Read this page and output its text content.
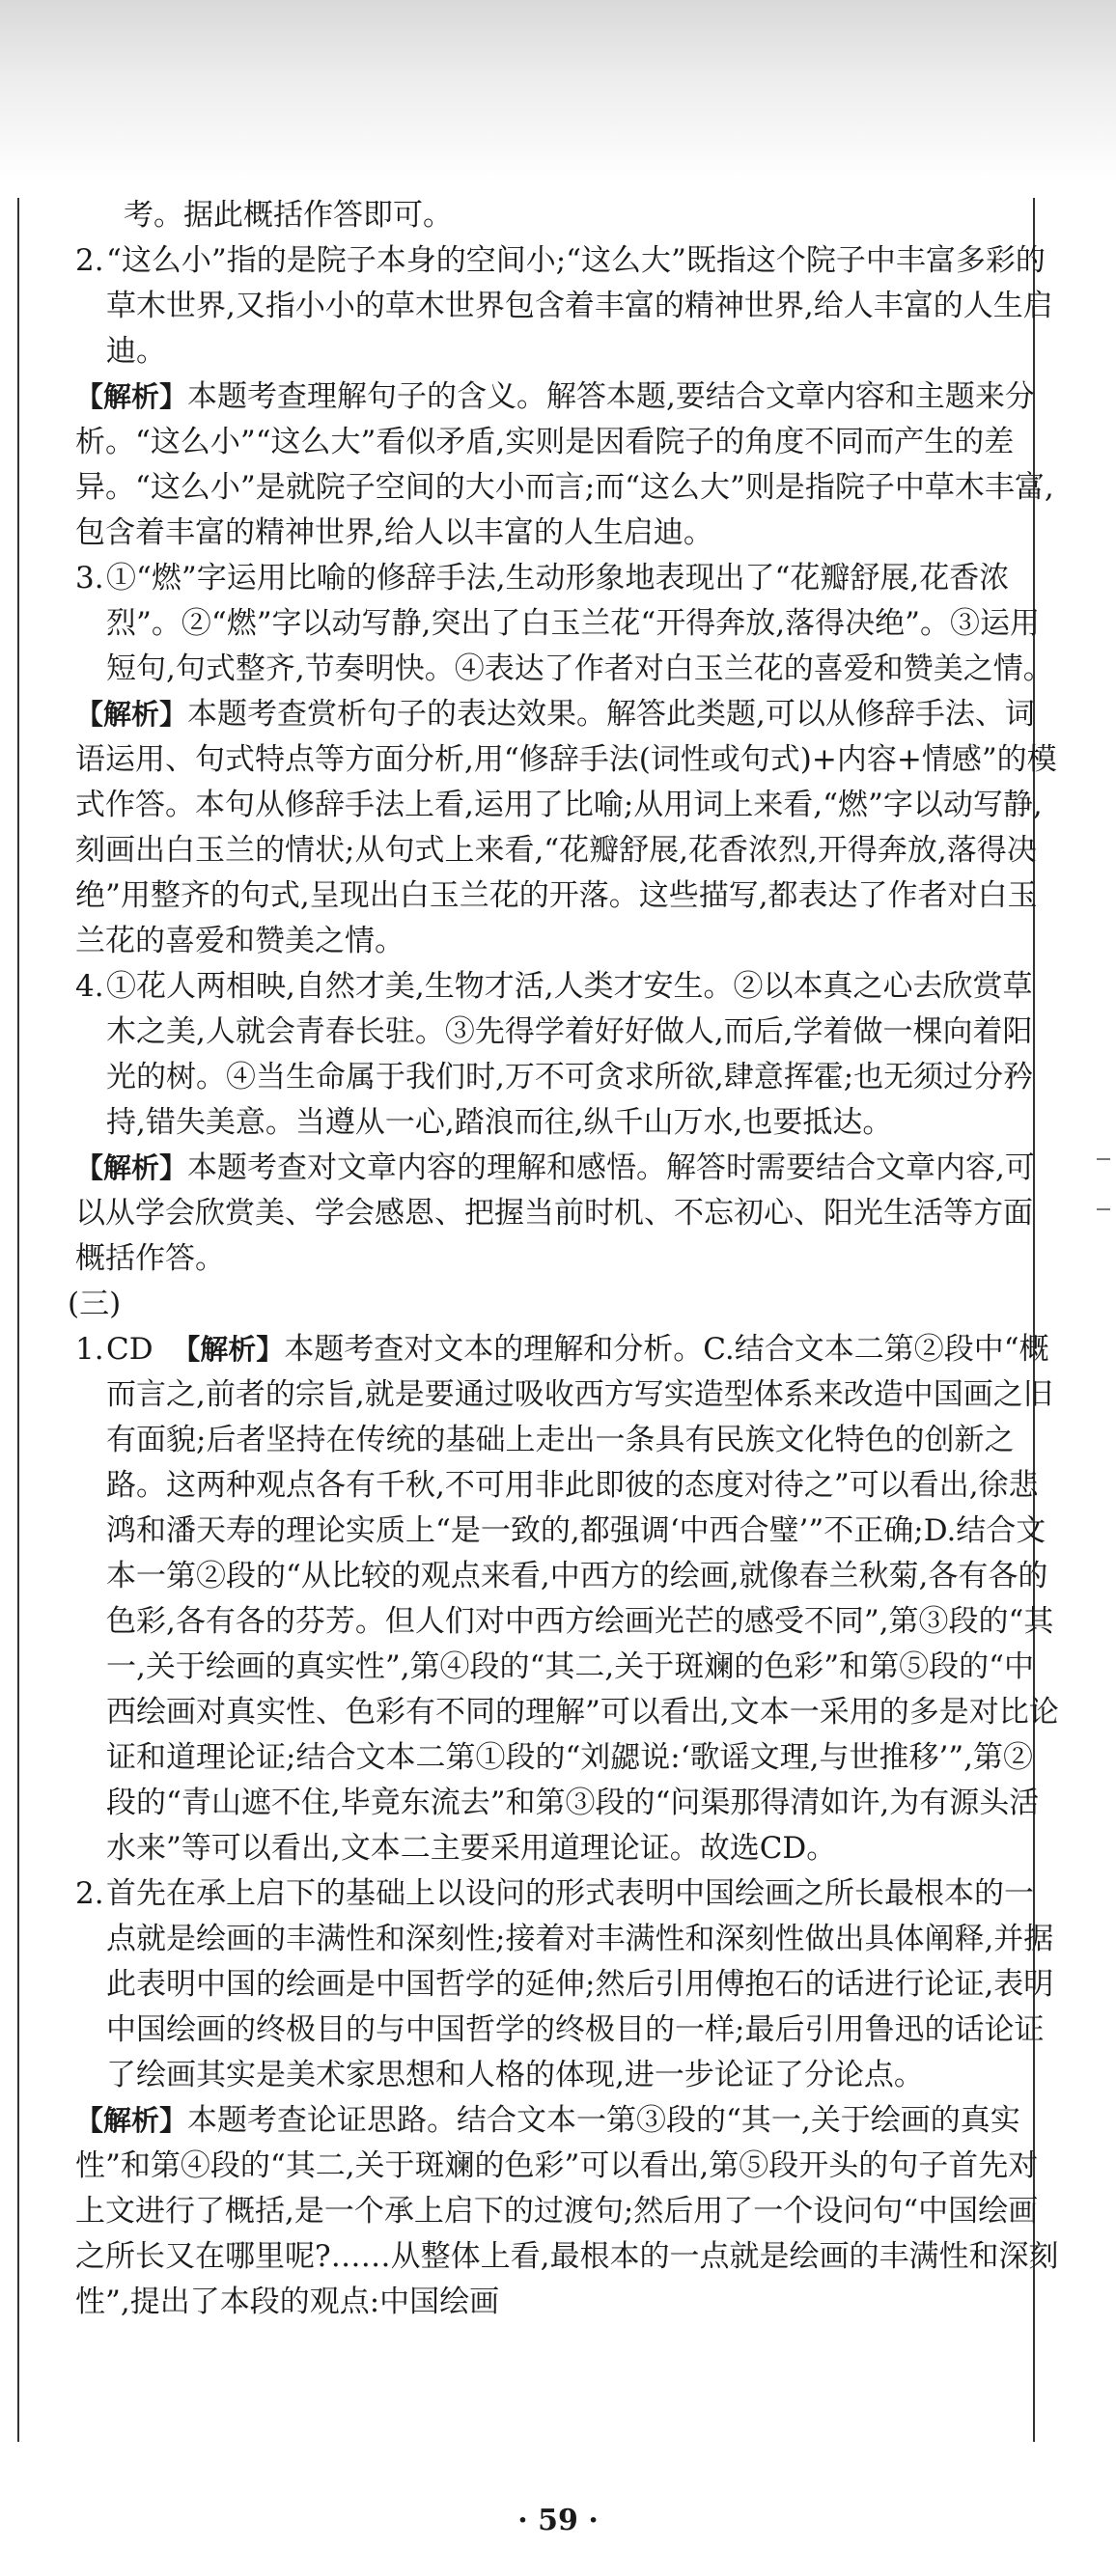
考。据此概括作答即可。
2. “这么小”指的是院子本身的空间小;“这么大”既指这个院子中丰富多彩的草木世界,又指小小的草木世界包含着丰富的精神世界,给人丰富的人生启迪。
【解析】本题考查理解句子的含义。解答本题,要结合文章内容和主题来分析。“这么小”“这么大”看似矛盾,实则是因看院子的角度不同而产生的差异。“这么小”是就院子空间的大小而言;而“这么大”则是指院子中草木丰富,包含着丰富的精神世界,给人以丰富的人生启迪。
3. ①“燃”字运用比喻的修辞手法,生动形象地表现出了“花瓣舒展,花香浓烈”。②“燃”字以动写静,突出了白玉兰花“开得奔放,落得决绝”。③运用短句,句式整齐,节奏明快。④表达了作者对白玉兰花的喜爱和赞美之情。
【解析】本题考查赏析句子的表达效果。解答此类题,可以从修辞手法、词语运用、句式特点等方面分析,用“修辞手法(词性或句式)+内容+情感”的模式作答。本句从修辞手法上看,运用了比喻;从用词上来看,“燃”字以动写静,刻画出白玉兰的情状;从句式上来看,“花瓣舒展,花香浓烈,开得奔放,落得决绝”用整齐的句式,呈现出白玉兰花的开落。这些描写,都表达了作者对白玉兰花的喜爱和赞美之情。
4. ①花人两相映,自然才美,生物才活,人类才安生。②以本真之心去欣赏草木之美,人就会青春长驻。③先得学着好好做人,而后,学着做一棵向着阳光的树。④当生命属于我们时,万不可贪求所欲,肆意挥霍;也无须过分矜持,错失美意。当遵从一心,踏浪而往,纵千山万水,也要抵达。
【解析】本题考查对文章内容的理解和感悟。解答时需要结合文章内容,可以从学会欣赏美、学会感恩、把握当前时机、不忘初心、阳光生活等方面概括作答。
(三)
1. CD 【解析】本题考查对文本的理解和分析。C.结合文本二第②段中“概而言之,前者的宗旨,就是要通过吸收西方写实造型体系来改造中国画之旧有面貌;后者坚持在传统的基础上走出一条具有民族文化特色的创新之路。这两种观点各有千秋,不可用非此即彼的态度对待之”可以看出,徐悲鸿和潘天寿的理论实质上“是一致的,都强调‘中西合璧’”不正确;D.结合文本一第②段的“从比较的观点来看,中西方的绘画,就像春兰秋菊,各有各的色彩,各有各的芬芳。但人们对中西方绘画光芒的感受不同”,第③段的“其一,关于绘画的真实性”,第④段的“其二,关于斑斓的色彩”和第⑤段的“中西绘画对真实性、色彩有不同的理解”可以看出,文本一采用的多是对比论证和道理论证;结合文本二第①段的“刘勰说:‘歌谣文理,与世推移’”,第②段的“青山遮不住,毕竟东流去”和第③段的“问渠那得清如许,为有源头活水来”等可以看出,文本二主要采用道理论证。故选CD。
2. 首先在承上启下的基础上以设问的形式表明中国绘画之所长最根本的一点就是绘画的丰满性和深刻性;接着对丰满性和深刻性做出具体阐释,并据此表明中国的绘画是中国哲学的延伸;然后引用傅抱石的话进行论证,表明中国绘画的终极目的与中国哲学的终极目的一样;最后引用鲁迅的话论证了绘画其实是美术家思想和人格的体现,进一步论证了分论点。
【解析】本题考查论证思路。结合文本一第③段的“其一,关于绘画的真实性”和第④段的“其二,关于斑斓的色彩”可以看出,第⑤段开头的句子首先对上文进行了概括,是一个承上启下的过渡句;然后用了一个设问句“中国绘画之所长又在哪里呢?……从整体上看,最根本的一点就是绘画的丰满性和深刻性”,提出了本段的观点:中国绘画
· 59 ·
